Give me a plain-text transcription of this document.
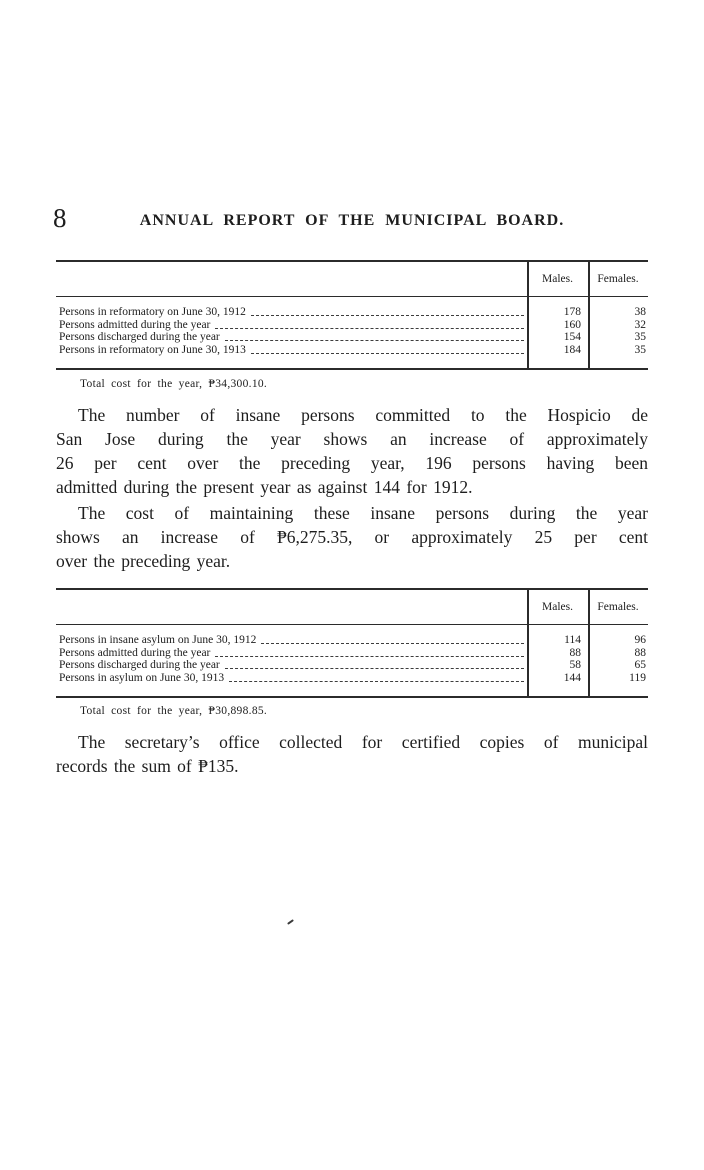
8	ANNUAL REPORT OF THE MUNICIPAL BOARD.
Males.	Females.
Persons in reformatory on June 30, 1912	178	38
Persons admitted during the year	160	32
Persons discharged during the year	154	35
Persons in reformatory on June 30, 1913	184	35
Total cost for the year, ₱34,300.10.
The number of insane persons committed to the Hospicio de
San Jose during the year shows an increase of approximately
26 per cent over the preceding year, 196 persons having been
admitted during the present year as against 144 for 1912.
The cost of maintaining these insane persons during the year
shows an increase of ₱6,275.35, or approximately 25 per cent
over the preceding year.
Males.	Females.
Persons in insane asylum on June 30, 1912	114	96
Persons admitted during the year	88	88
Persons discharged during the year	58	65
Persons in asylum on June 30, 1913	144	119
Total cost for the year, ₱30,898.85.
The secretary’s office collected for certified copies of municipal
records the sum of ₱135.
